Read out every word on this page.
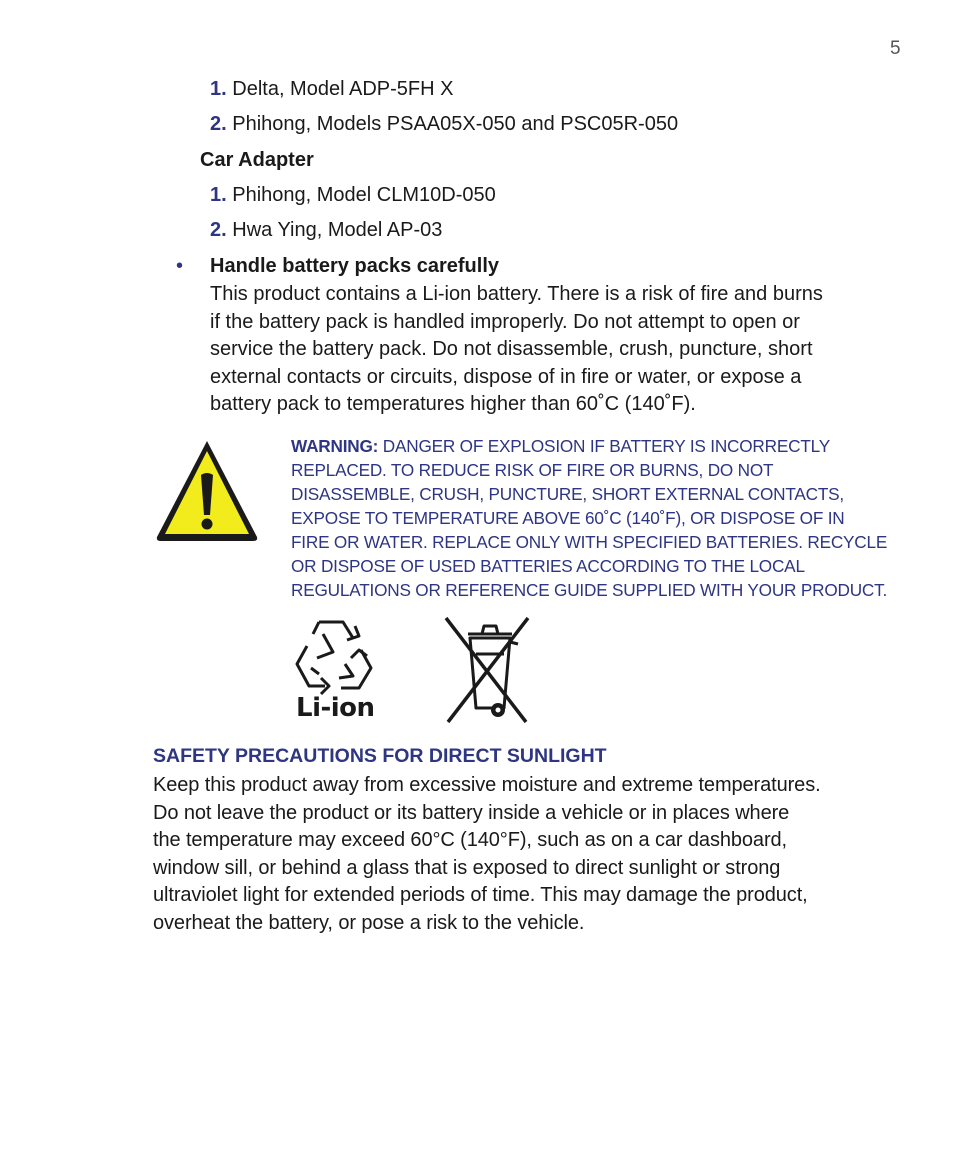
5
1. Delta, Model ADP-5FH X
2. Phihong, Models PSAA05X-050 and PSC05R-050
Car Adapter
1. Phihong, Model CLM10D-050
2. Hwa Ying, Model AP-03
• Handle battery packs carefully
This product contains a Li-ion battery. There is a risk of fire and burns
if the battery pack is handled improperly. Do not attempt to open or
service the battery pack. Do not disassemble, crush, puncture, short
external contacts or circuits, dispose of in fire or water, or expose a
battery pack to temperatures higher than 60˚C (140˚F).
WARNING: DANGER OF EXPLOSION IF BATTERY IS INCORRECTLY
REPLACED. TO REDUCE RISK OF FIRE OR BURNS, DO NOT
DISASSEMBLE, CRUSH, PUNCTURE, SHORT EXTERNAL CONTACTS,
EXPOSE TO TEMPERATURE ABOVE 60˚C (140˚F), OR DISPOSE OF IN
FIRE OR WATER. REPLACE ONLY WITH SPECIFIED BATTERIES. RECYCLE
OR DISPOSE OF USED BATTERIES ACCORDING TO THE LOCAL
REGULATIONS OR REFERENCE GUIDE SUPPLIED WITH YOUR PRODUCT.
Li-ion
SAFETY PRECAUTIONS FOR DIRECT SUNLIGHT
Keep this product away from excessive moisture and extreme temperatures.
Do not leave the product or its battery inside a vehicle or in places where
the temperature may exceed 60°C (140°F), such as on a car dashboard,
window sill, or behind a glass that is exposed to direct sunlight or strong
ultraviolet light for extended periods of time. This may damage the product,
overheat the battery, or pose a risk to the vehicle.
